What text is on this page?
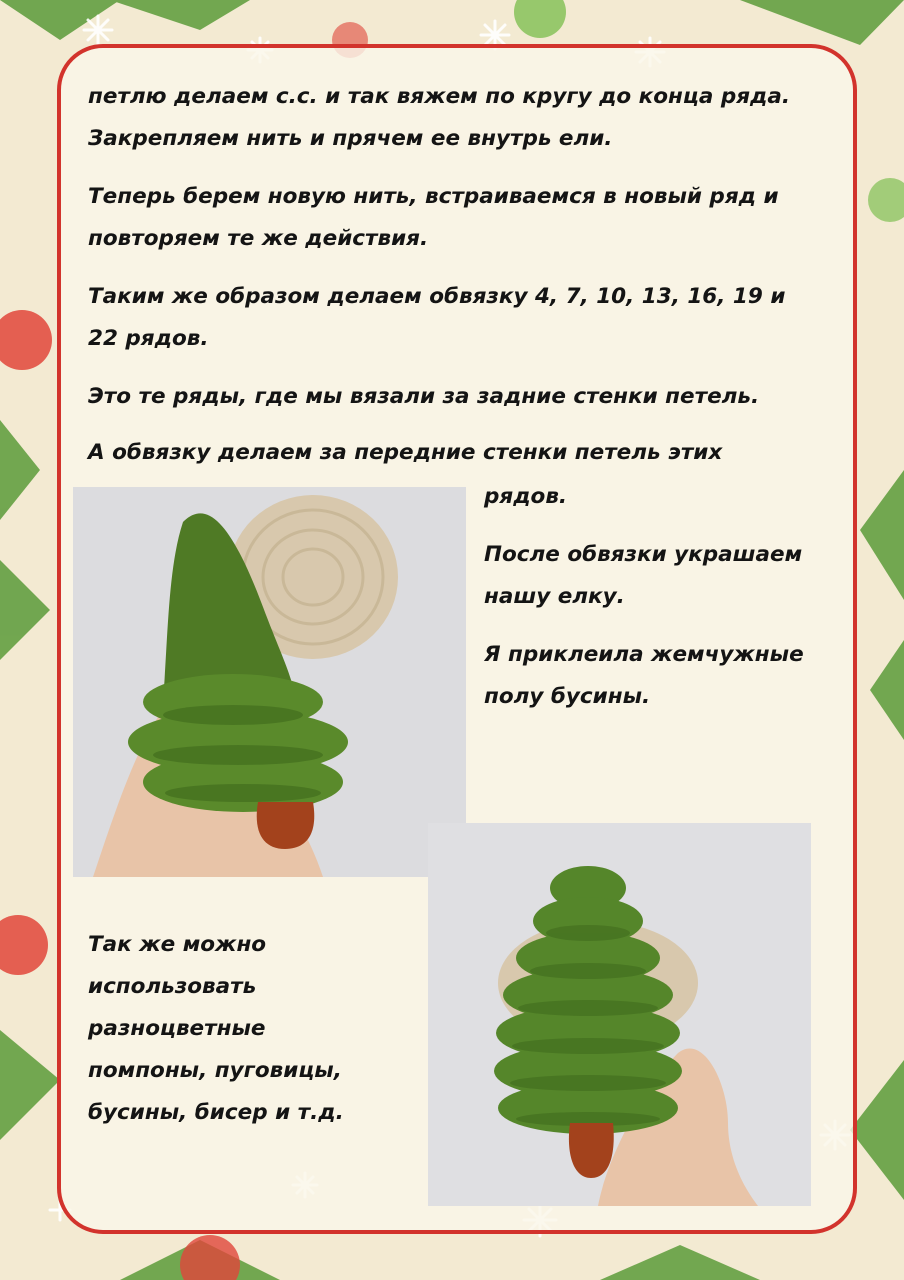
петлю делаем с.с. и так вяжем по кругу до конца ряда.

Закрепляем нить и прячем ее внутрь ели.

Теперь берем новую нить, встраиваемся в новый ряд и

повторяем те же действия.

Таким же образом делаем обвязку 4, 7, 10, 13, 16, 19 и

22 рядов.

Это те ряды, где мы вязали за задние стенки петель.

А обвязку делаем за передние стенки петель этих

рядов.

После обвязки украшаем

нашу елку.

Я приклеила жемчужные

полу бусины.

Так же можно

использовать

разноцветные

помпоны, пуговицы,

бусины, бисер и т.д.
